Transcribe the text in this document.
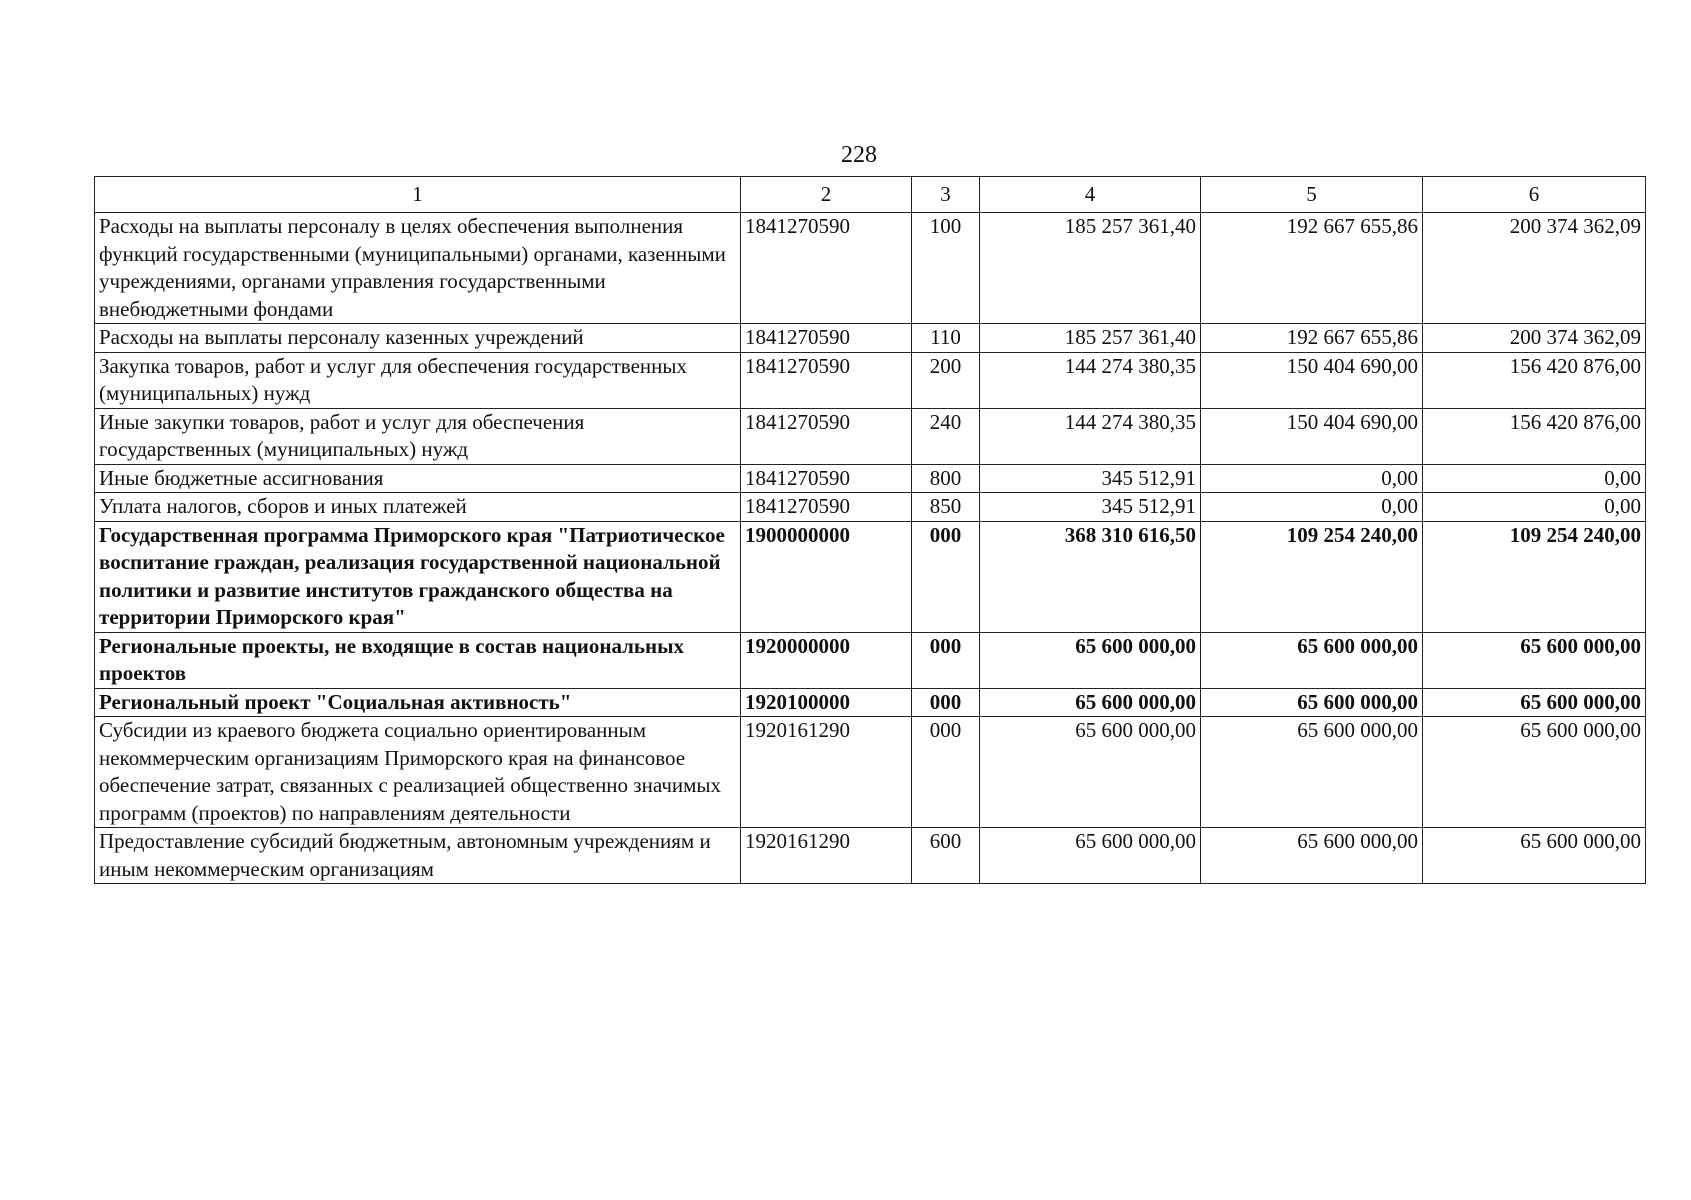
228
1	2	3	4	5	6
Расходы на выплаты персоналу в целях обеспечения выполнения функций государственными (муниципальными) органами, казенными учреждениями, органами управления государственными внебюджетными фондами	1841270590	100	185 257 361,40	192 667 655,86	200 374 362,09
Расходы на выплаты персоналу казенных учреждений	1841270590	110	185 257 361,40	192 667 655,86	200 374 362,09
Закупка товаров, работ и услуг для обеспечения государственных (муниципальных) нужд	1841270590	200	144 274 380,35	150 404 690,00	156 420 876,00
Иные закупки товаров, работ и услуг для обеспечения государственных (муниципальных) нужд	1841270590	240	144 274 380,35	150 404 690,00	156 420 876,00
Иные бюджетные ассигнования	1841270590	800	345 512,91	0,00	0,00
Уплата налогов, сборов и иных платежей	1841270590	850	345 512,91	0,00	0,00
Государственная программа Приморского края "Патриотическое воспитание граждан, реализация государственной национальной политики и развитие институтов гражданского общества на территории Приморского края"	1900000000	000	368 310 616,50	109 254 240,00	109 254 240,00
Региональные проекты, не входящие в состав национальных проектов	1920000000	000	65 600 000,00	65 600 000,00	65 600 000,00
Региональный проект "Социальная активность"	1920100000	000	65 600 000,00	65 600 000,00	65 600 000,00
Субсидии из краевого бюджета социально ориентированным некоммерческим организациям Приморского края на финансовое обеспечение затрат, связанных с реализацией общественно значимых программ (проектов) по направлениям деятельности	1920161290	000	65 600 000,00	65 600 000,00	65 600 000,00
Предоставление субсидий бюджетным, автономным учреждениям и иным некоммерческим организациям	1920161290	600	65 600 000,00	65 600 000,00	65 600 000,00
